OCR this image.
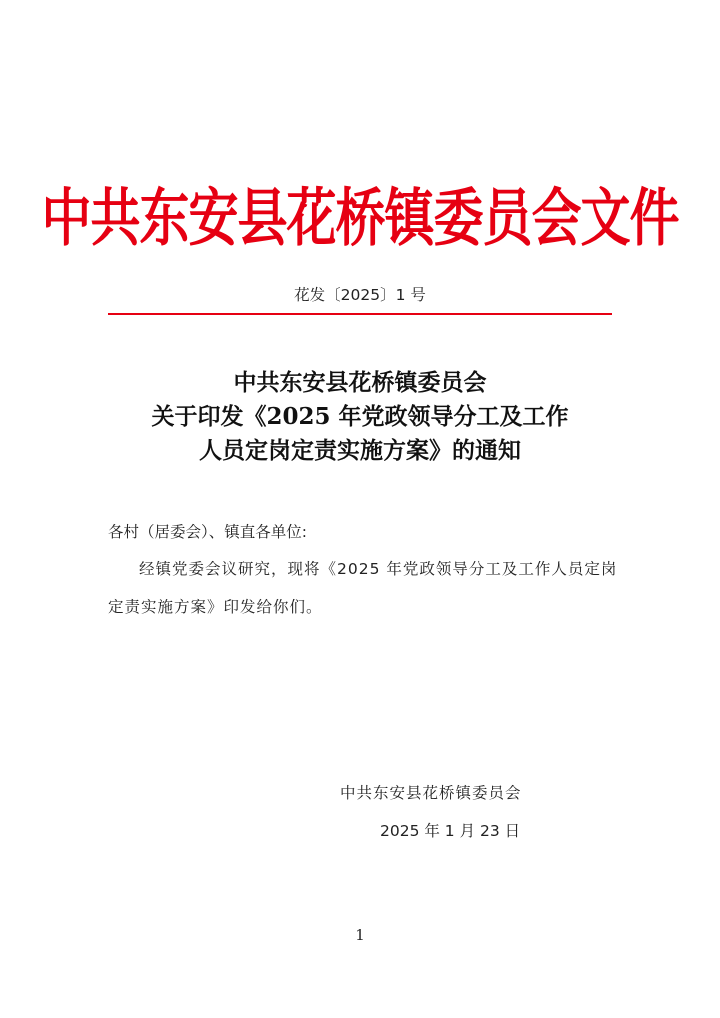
中共东安县花桥镇委员会文件
花发〔2025〕1 号
中共东安县花桥镇委员会
关于印发《2025 年党政领导分工及工作
人员定岗定责实施方案》的通知
各村（居委会）、镇直各单位:

经镇党委会议研究，现将《2025 年党政领导分工及工作人员定岗定责实施方案》印发给你们。

中共东安县花桥镇委员会
2025 年 1 月 23 日
1
